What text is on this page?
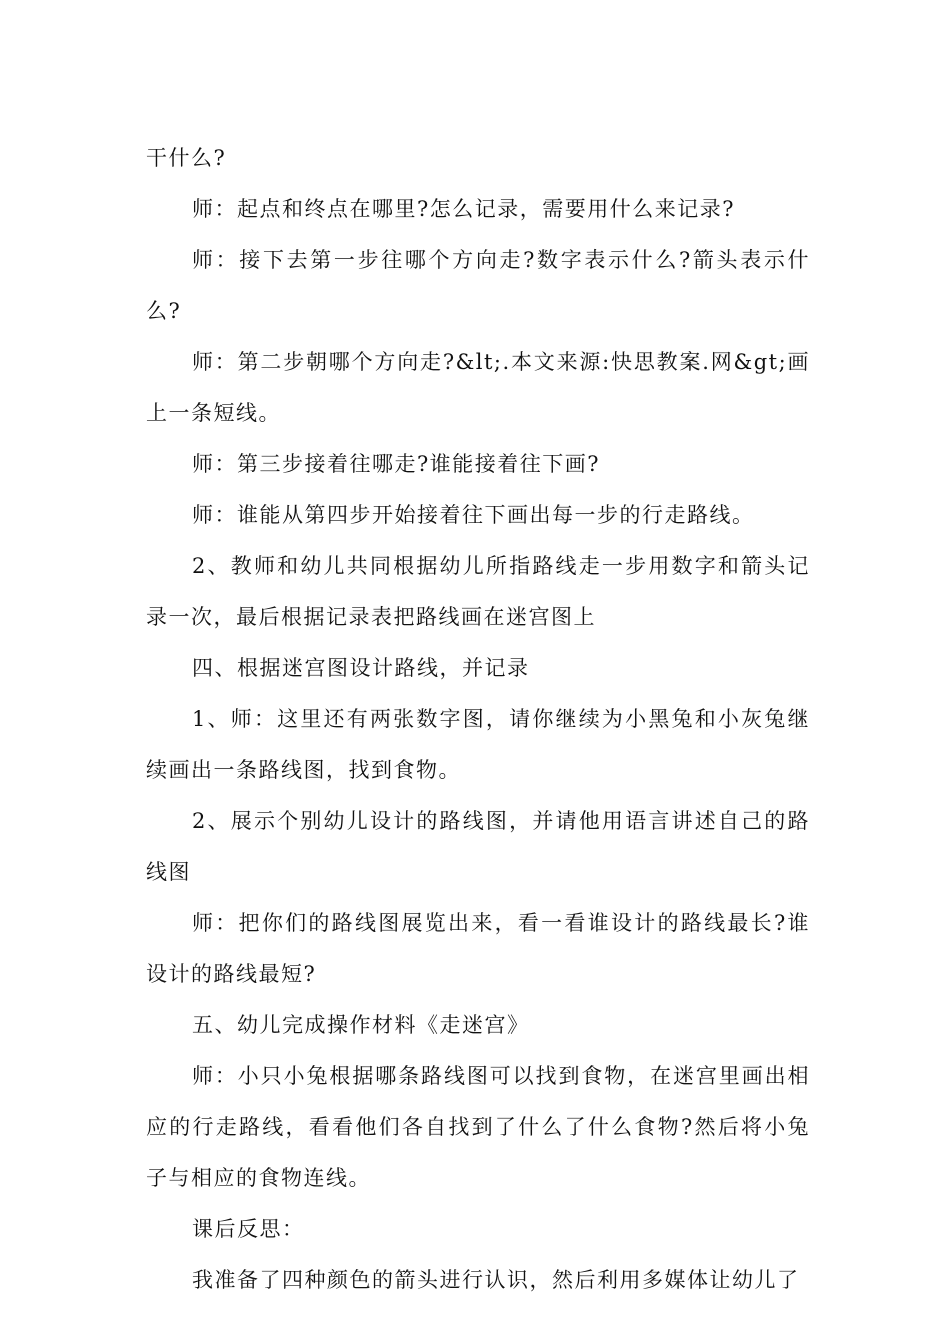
干什么?

师：起点和终点在哪里?怎么记录，需要用什么来记录?

师：接下去第一步往哪个方向走?数字表示什么?箭头表示什么?

师：第二步朝哪个方向走?&lt;.本文来源:快思教案.网&gt;画上一条短线。

师：第三步接着往哪走?谁能接着往下画?

师：谁能从第四步开始接着往下画出每一步的行走路线。

2、教师和幼儿共同根据幼儿所指路线走一步用数字和箭头记录一次，最后根据记录表把路线画在迷宫图上

四、根据迷宫图设计路线，并记录

1、师：这里还有两张数字图，请你继续为小黑兔和小灰兔继续画出一条路线图，找到食物。

2、展示个别幼儿设计的路线图，并请他用语言讲述自己的路线图

师：把你们的路线图展览出来，看一看谁设计的路线最长?谁设计的路线最短?

五、幼儿完成操作材料《走迷宫》

师：小只小兔根据哪条路线图可以找到食物，在迷宫里画出相应的行走路线，看看他们各自找到了什么了什么食物?然后将小兔子与相应的食物连线。

课后反思：

我准备了四种颜色的箭头进行认识，然后利用多媒体让幼儿了
